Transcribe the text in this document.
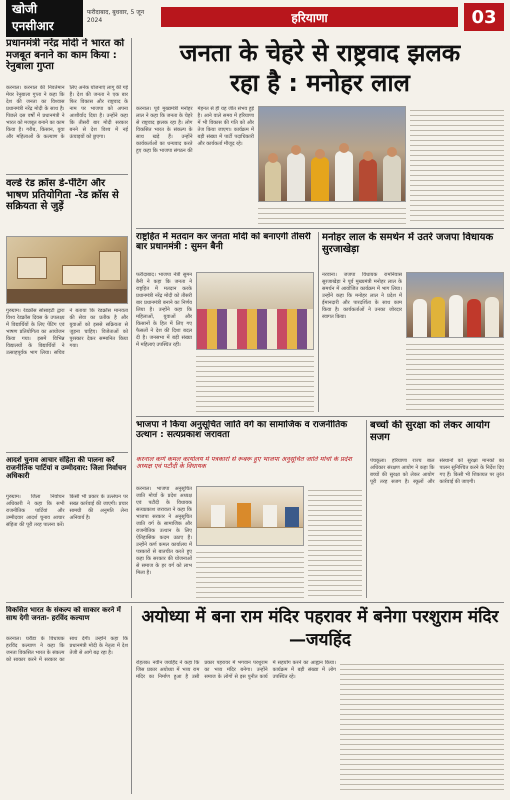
खोजी एनसीआर
फरीदाबाद, बुधवार, 5 जून 2024	हरियाणा	03
प्रधानमंत्री नरेंद्र मोदी ने भारत को मजबूत बनाने का काम किया : रेनुबाला गुप्ता
करनाल। करनाल की निवर्तमान मेयर रेनुबाला गुप्ता ने कहा कि देश की जनता का विश्वास प्रधानमंत्री नरेंद्र मोदी के साथ है। पिछले दस वर्षों में प्रधानमंत्री ने भारत को मजबूत बनाने का काम किया है। गरीब, किसान, युवा और महिलाओं के कल्याण के लिए अनेक योजनाएं लागू की गई हैं। देश की जनता ने एक बार फिर विकास और राष्ट्रवाद के नाम पर भाजपा को अपना आशीर्वाद दिया है। उन्होंने कहा कि तीसरी बार मोदी सरकार बनने से देश विश्व में नई ऊंचाइयों को छुएगा।
वर्ल्ड रेड क्रॉस डे-पेंटिंग और भाषण प्रतियोगिता -रेड क्रॉस से सक्रियता से जुड़ें
गुरुग्राम। रेडक्रॉस सोसाइटी द्वारा विश्व रेडक्रॉस दिवस के उपलक्ष्य में विद्यार्थियों के लिए पेंटिंग एवं भाषण प्रतियोगिता का आयोजन किया गया। इसमें विभिन्न विद्यालयों के विद्यार्थियों ने उत्साहपूर्वक भाग लिया। सचिव ने बताया कि रेडक्रॉस मानवता की सेवा का प्रतीक है और युवाओं को इससे सक्रियता से जुड़ना चाहिए। विजेताओं को पुरस्कार देकर सम्मानित किया गया।
आदर्श चुनाव आचार संहिता की पालना करें राजनीतिक पार्टियां व उम्मीदवार: जिला निर्वाचन अधिकारी
गुरुग्राम। जिला निर्वाचन अधिकारी ने कहा कि सभी राजनीतिक पार्टियां और उम्मीदवार आदर्श चुनाव आचार संहिता की पूरी तरह पालना करें। किसी भी प्रकार के उल्लंघन पर सख्त कार्रवाई की जाएगी। प्रचार सामग्री की अनुमति लेना अनिवार्य है।
जनता के चेहरे से राष्ट्रवाद झलक
रहा है : मनोहर लाल
करनाल। पूर्व मुख्यमंत्री मनोहर लाल ने कहा कि जनता के चेहरे से राष्ट्रवाद झलक रहा है। लोग विकसित भारत के संकल्प के साथ खड़े हैं। उन्होंने कार्यकर्ताओं का धन्यवाद करते हुए कहा कि भाजपा संगठन की मेहनत से ही यह जीत संभव हुई है। आने वाले समय में हरियाणा में भी विकास की गति को और तेज किया जाएगा। कार्यक्रम में बड़ी संख्या में पार्टी पदाधिकारी और कार्यकर्ता मौजूद रहे।
राष्ट्रहित में मतदान कर जनता मोदी को बनाएगी तीसरी बार प्रधानमंत्री : सुमन बैनी
फरीदाबाद। भाजपा नेत्री सुमन बैनी ने कहा कि जनता ने राष्ट्रहित में मतदान करके प्रधानमंत्री नरेंद्र मोदी को तीसरी बार प्रधानमंत्री बनाने का निर्णय लिया है। उन्होंने कहा कि महिलाओं, युवाओं और किसानों के हित में लिए गए फैसलों ने देश की दिशा बदल दी है। जनसभा में बड़ी संख्या में महिलाएं उपस्थित रहीं।
मनोहर लाल के समर्थन में उतरे जजपा विधायक सुरजाखेड़ा
नरवाना। जजपा विधायक रामनिवास सुरजाखेड़ा ने पूर्व मुख्यमंत्री मनोहर लाल के समर्थन में आयोजित कार्यक्रम में भाग लिया। उन्होंने कहा कि मनोहर लाल ने प्रदेश में ईमानदारी और पारदर्शिता के साथ काम किया है। कार्यकर्ताओं ने उनका जोरदार स्वागत किया।
भाजपा ने किया अनुसूचित जाति वर्ग का सामाजिक व राजनीतिक उत्थान : सत्यप्रकाश जरावता
करनाल कर्ण कमल कार्यालय में पत्रकारों से रूबरू हुए भाजपा अनुसूचित जाति मोर्चा के प्रदेश अध्यक्ष एवं पटौदी के विधायक
करनाल। भाजपा अनुसूचित जाति मोर्चा के प्रदेश अध्यक्ष एवं पटौदी के विधायक सत्यप्रकाश जरावता ने कहा कि भाजपा सरकार ने अनुसूचित जाति वर्ग के सामाजिक और राजनीतिक उत्थान के लिए ऐतिहासिक कदम उठाए हैं। उन्होंने कर्ण कमल कार्यालय में पत्रकारों से बातचीत करते हुए कहा कि सरकार की योजनाओं से समाज के हर वर्ग को लाभ मिला है।
बच्चों की सुरक्षा को लेकर आयोग सजग
पंचकूला। हरियाणा राज्य बाल अधिकार संरक्षण आयोग ने कहा कि बच्चों की सुरक्षा को लेकर आयोग पूरी तरह सजग है। स्कूलों और संस्थानों को सुरक्षा मानकों का पालन सुनिश्चित करने के निर्देश दिए गए हैं। किसी भी शिकायत पर तुरंत कार्रवाई की जाएगी।
अयोध्या में बना राम मंदिर पहरावर में बनेगा परशुराम मंदिर—जयहिंद
रोहतक। नवीन जयहिंद ने कहा कि जिस प्रकार अयोध्या में भव्य राम मंदिर का निर्माण हुआ है उसी प्रकार पहरावर में भगवान परशुराम का भव्य मंदिर बनेगा। उन्होंने समाज के लोगों से इस पुनीत कार्य में सहयोग करने का आह्वान किया। कार्यक्रम में बड़ी संख्या में लोग उपस्थित रहे।
विकसित भारत के संकल्प को साकार करने में साथ देगी जनता- हरविंद कल्याण
करनाल। घरौंडा के विधायक हरविंद कल्याण ने कहा कि जनता विकसित भारत के संकल्प को साकार करने में सरकार का साथ देगी। उन्होंने कहा कि प्रधानमंत्री मोदी के नेतृत्व में देश तेजी से आगे बढ़ रहा है।
